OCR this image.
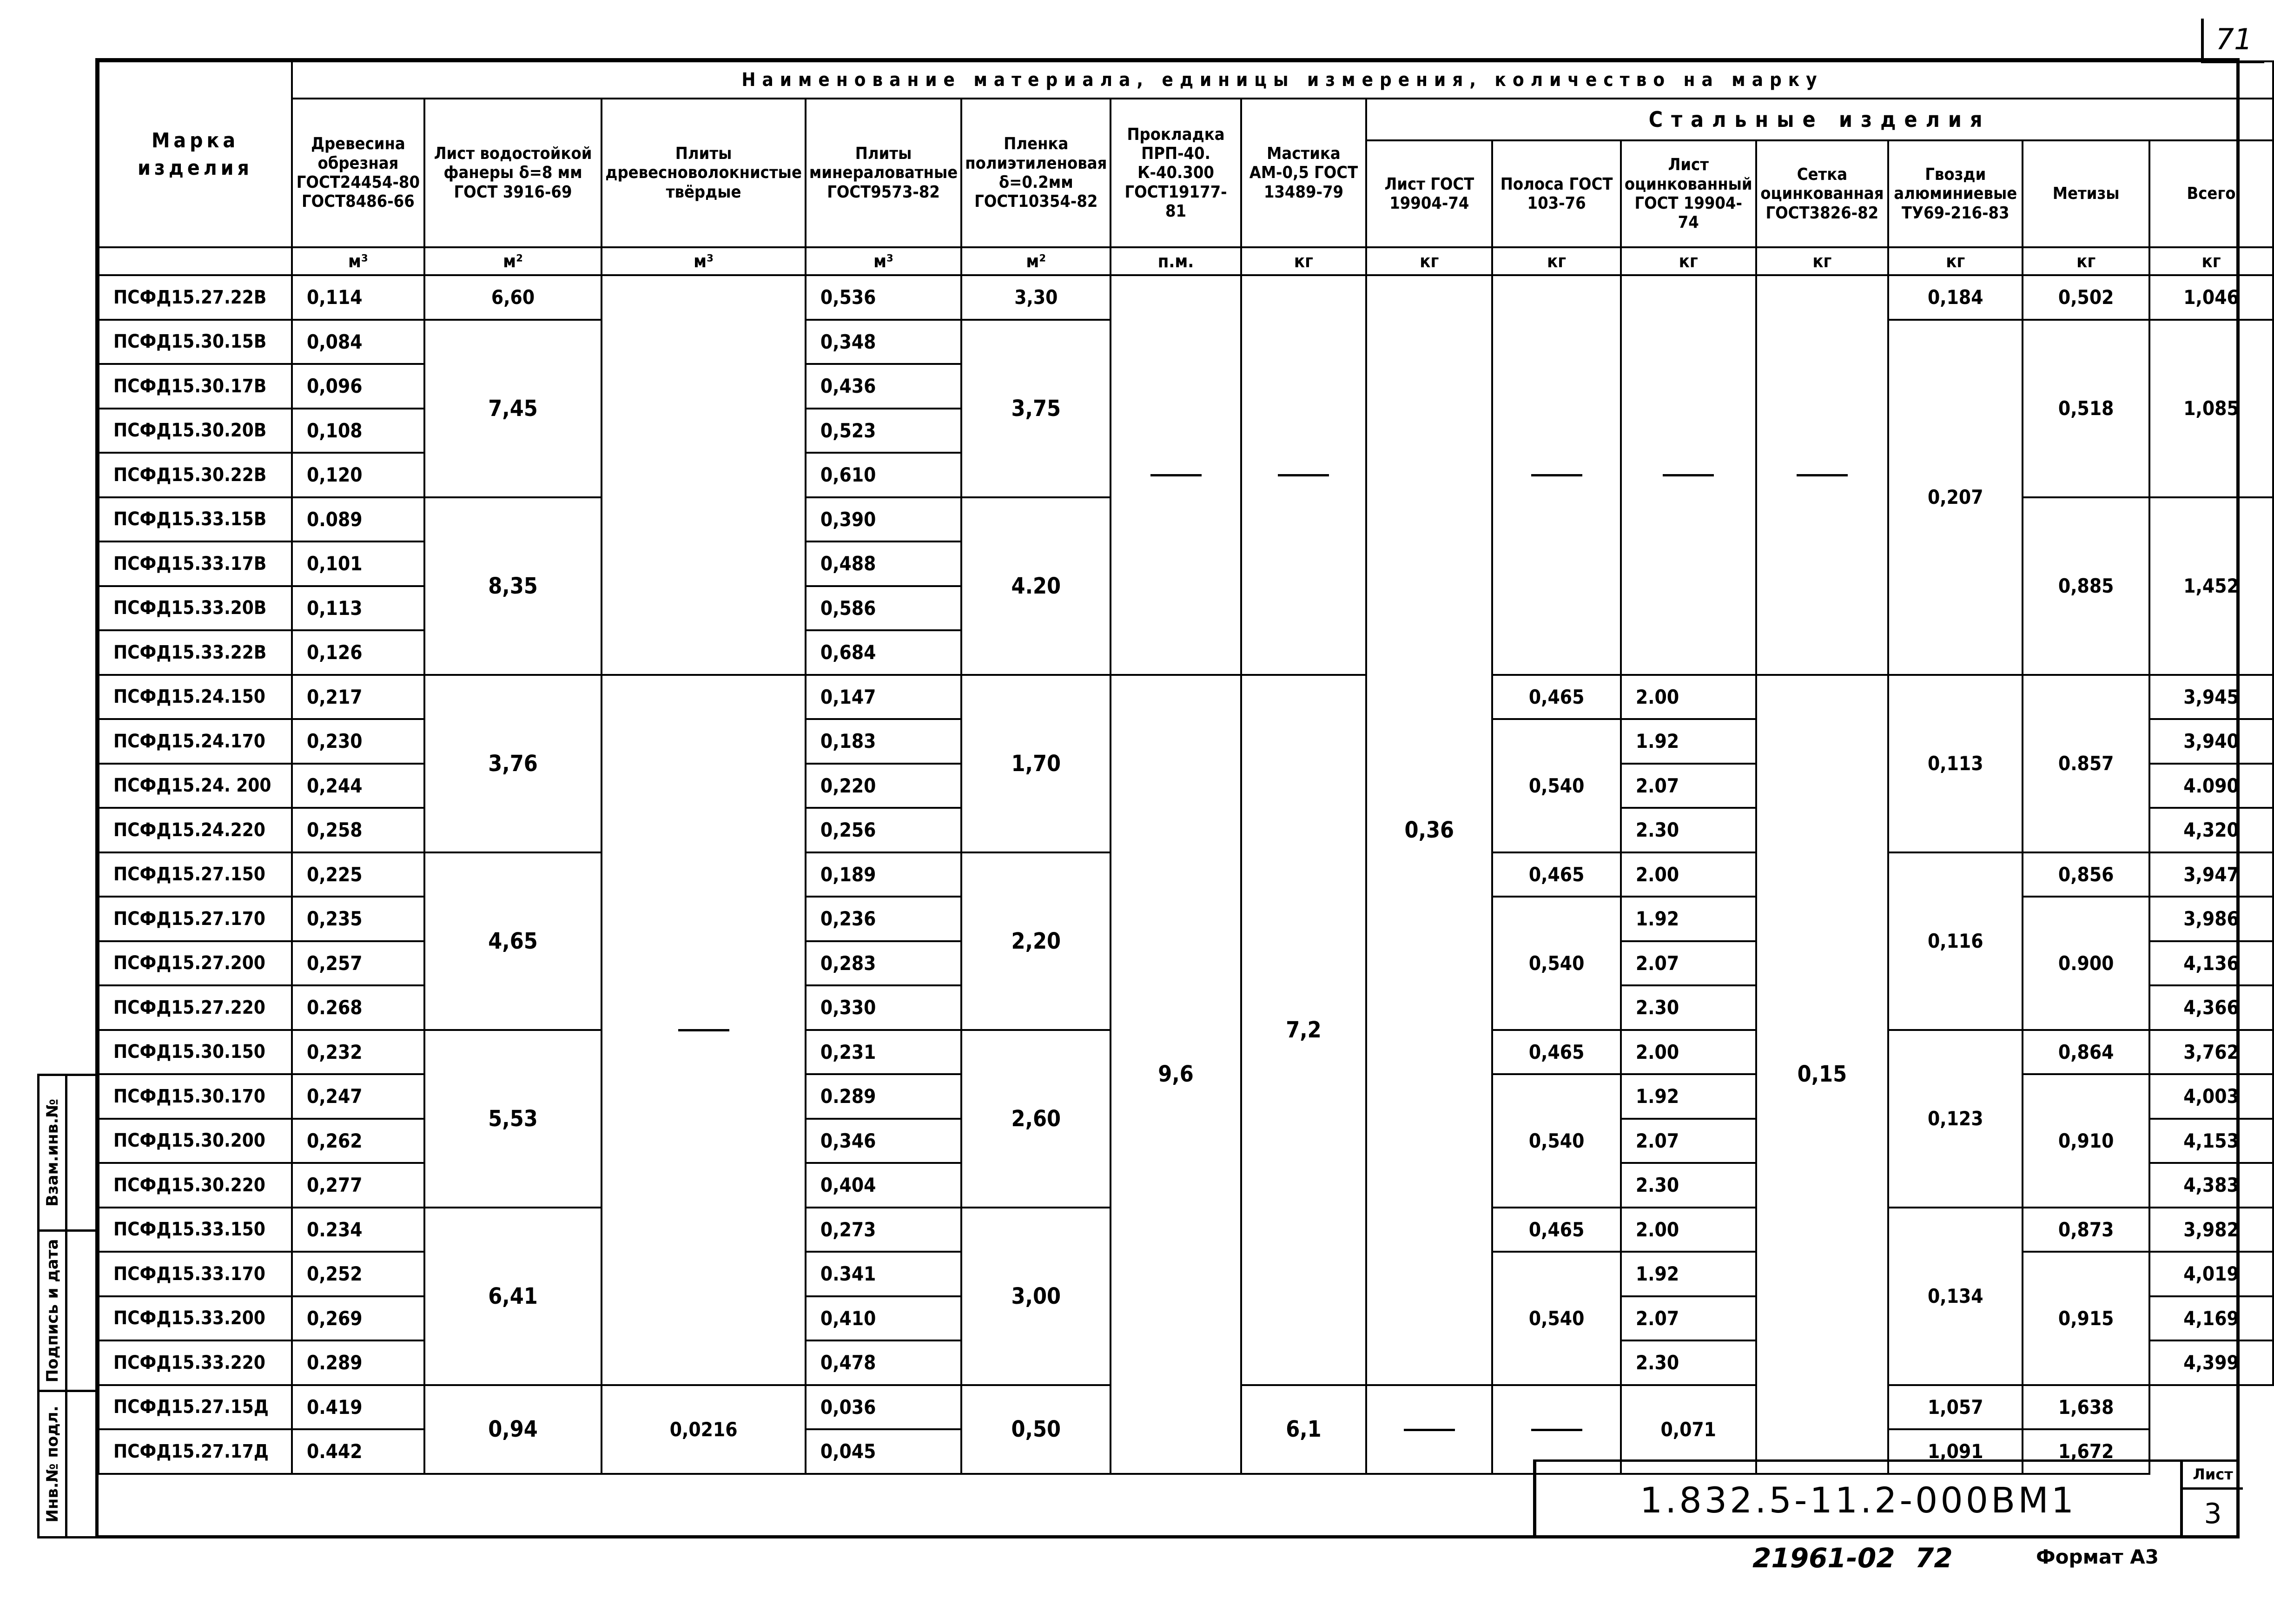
71
Марка изделия	Наименование материала, единицы измерения, количество на марку													
	Древесина обрезная ГОСТ24454-80 ГОСТ8486-66	Лист водостойкой фанеры δ=8 мм ГОСТ 3916-69	Плиты древесноволокнистые твёрдые	Плиты минераловатные ГОСТ9573-82	Пленка полиэтиленовая δ=0.2мм ГОСТ10354-82	Прокладка ПРП-40. К-40.300 ГОСТ19177-81	Мастика АМ-0,5 ГОСТ 13489-79	Стальные изделия						
								Лист ГОСТ 19904-74	Полоса ГОСТ 103-76	Лист оцинкованный ГОСТ 19904-74	Сетка оцинкованная ГОСТ3826-82	Гвозди алюминиевые ТУ69-216-83	Метизы	Всего
	м³	м²	м³	м³	м²	п.м.	кг	кг	кг	кг	кг	кг	кг	кг
ПСФД15.27.22В	0,114	6,60		0,536	3,30			0,36				0,184	0,502	1,046
ПСФД15.30.15В	0,084	7,45		0,348	3,75							0,207	0,518	1,085
ПСФД15.30.17В	0,096			0,436										
ПСФД15.30.20В	0,108			0,523										
ПСФД15.30.22В	0,120			0,610										
ПСФД15.33.15В	0.089	8,35		0,390	4.20								0,885	1,452
ПСФД15.33.17В	0,101			0,488										
ПСФД15.33.20В	0,113			0,586										
ПСФД15.33.22В	0,126			0,684										
ПСФД15.24.150	0,217	3,76		0,147	1,70	9,6	7,2		0,465	2.00	0,15	0,113	0.857	3,945
ПСФД15.24.170	0,230			0,183					0,540	1.92				3,940
ПСФД15.24. 200	0,244			0,220						2.07				4.090
ПСФД15.24.220	0,258			0,256						2.30				4,320
ПСФД15.27.150	0,225	4,65		0,189	2,20				0,465	2.00		0,116	0,856	3,947
ПСФД15.27.170	0,235			0,236					0,540	1.92			0.900	3,986
ПСФД15.27.200	0,257			0,283						2.07				4,136
ПСФД15.27.220	0.268			0,330						2.30				4,366
ПСФД15.30.150	0,232	5,53		0,231	2,60				0,465	2.00		0,123	0,864	3,762
ПСФД15.30.170	0,247			0.289					0,540	1.92			0,910	4,003
ПСФД15.30.200	0,262			0,346						2.07				4,153
ПСФД15.30.220	0,277			0,404						2.30				4,383
ПСФД15.33.150	0.234	6,41		0,273	3,00				0,465	2.00		0,134	0,873	3,982
ПСФД15.33.170	0,252			0.341					0,540	1.92			0,915	4,019
ПСФД15.33.200	0,269			0,410						2.07				4,169
ПСФД15.33.220	0.289			0,478						2.30				4,399
ПСФД15.27.15Д	0.419	0,94	0,0216	0,036	0,50		6,1			0,071		1,057	1,638	
ПСФД15.27.17Д	0.442			0,045								1,091	1,672	
Взам.инв.№
Подпись и дата
Инв.№ подл.	1.832.5-11.2-000ВМ1
Лист
3
21961-02 72	Формат А3
